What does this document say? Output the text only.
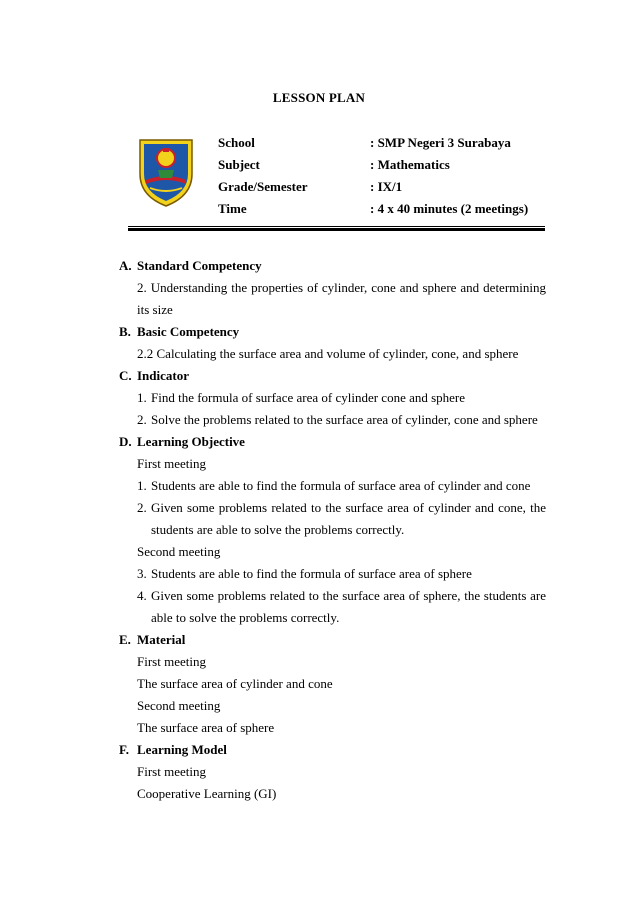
LESSON PLAN
School	: SMP Negeri 3 Surabaya
Subject	: Mathematics
Grade/Semester	: IX/1
Time	: 4 x 40 minutes (2 meetings)
A. Standard Competency
2. Understanding the properties of cylinder, cone and sphere and determining
its size
B. Basic Competency
2.2 Calculating the surface area and volume of cylinder, cone, and sphere
C. Indicator
1. Find the formula of surface area of cylinder cone and sphere
2. Solve the problems related to the surface area of cylinder, cone and sphere
D. Learning Objective
First meeting
1. Students are able to find the formula of surface area of cylinder and cone
2. Given some problems related to the surface area of cylinder and cone, the
students are able to solve the problems correctly.
Second meeting
3. Students are able to find the formula of surface area of sphere
4. Given some problems related to the surface area of sphere, the students are
able to solve the problems correctly.
E. Material
First meeting
The surface area of cylinder and cone
Second meeting
The surface area of sphere
F. Learning Model
First meeting
Cooperative Learning (GI)
